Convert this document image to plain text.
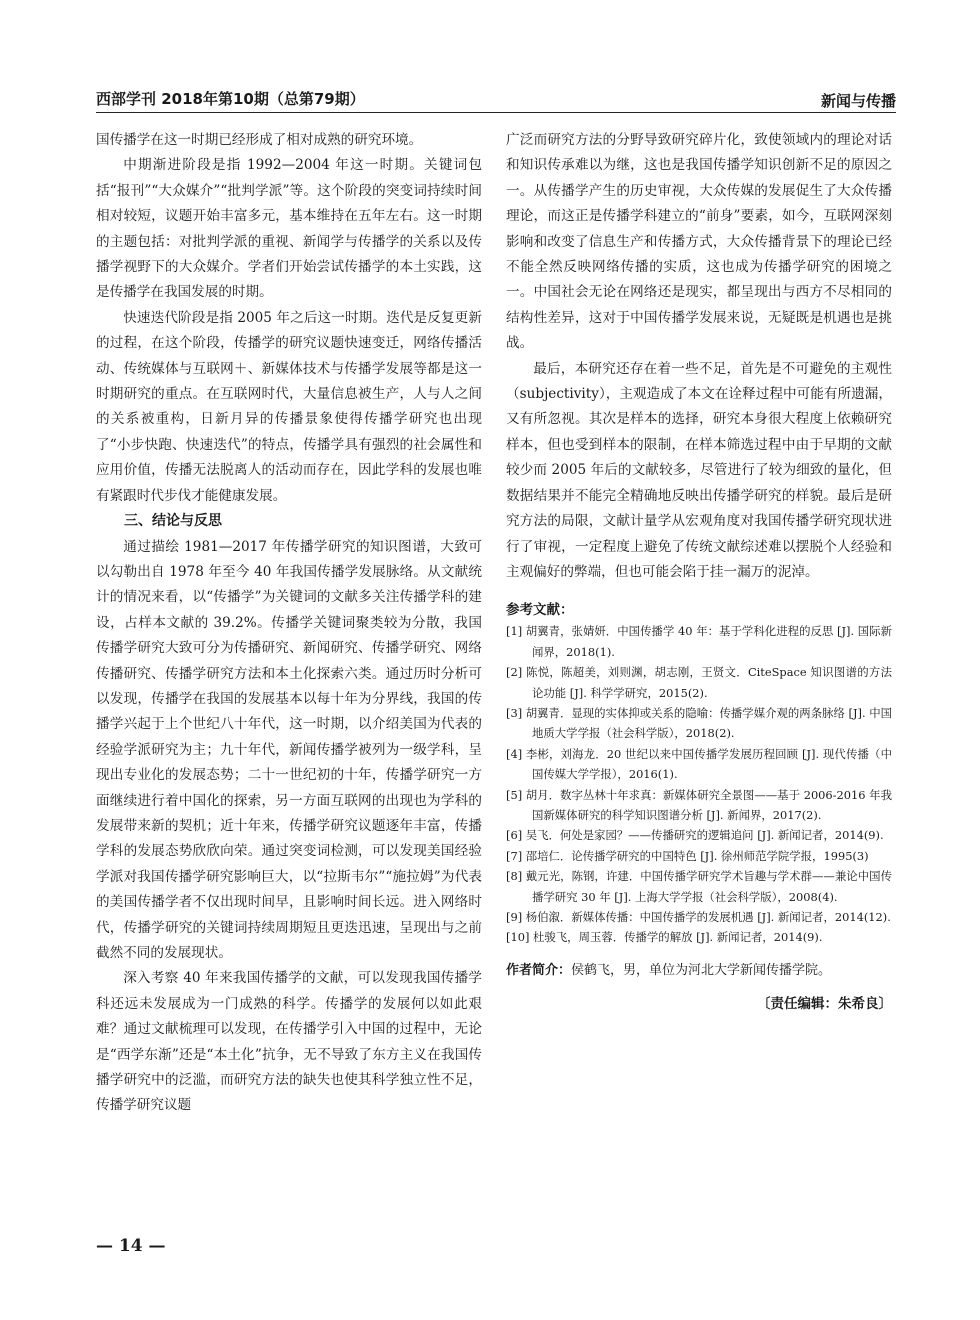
西部学刊 2018年第10期（总第79期）	新闻与传播

国传播学在这一时期已经形成了相对成熟的研究环境。

中期渐进阶段是指 1992—2004 年这一时期。关键词包括“报刊”“大众媒介”“批判学派”等。这个阶段的突变词持续时间相对较短，议题开始丰富多元，基本维持在五年左右。这一时期的主题包括：对批判学派的重视、新闻学与传播学的关系以及传播学视野下的大众媒介。学者们开始尝试传播学的本土实践，这是传播学在我国发展的时期。

快速迭代阶段是指 2005 年之后这一时期。迭代是反复更新的过程，在这个阶段，传播学的研究议题快速变迁，网络传播活动、传统媒体与互联网＋、新媒体技术与传播学发展等都是这一时期研究的重点。在互联网时代，大量信息被生产，人与人之间的关系被重构，日新月异的传播景象使得传播学研究也出现了“小步快跑、快速迭代”的特点，传播学具有强烈的社会属性和应用价值，传播无法脱离人的活动而存在，因此学科的发展也唯有紧跟时代步伐才能健康发展。

三、结论与反思

通过描绘 1981—2017 年传播学研究的知识图谱，大致可以勾勒出自 1978 年至今 40 年我国传播学发展脉络。从文献统计的情况来看，以“传播学”为关键词的文献多关注传播学科的建设，占样本文献的 39.2%。传播学关键词聚类较为分散，我国传播学研究大致可分为传播研究、新闻研究、传播学研究、网络传播研究、传播学研究方法和本土化探索六类。通过历时分析可以发现，传播学在我国的发展基本以每十年为分界线，我国的传播学兴起于上个世纪八十年代，这一时期，以介绍美国为代表的经验学派研究为主；九十年代，新闻传播学被列为一级学科，呈现出专业化的发展态势；二十一世纪初的十年，传播学研究一方面继续进行着中国化的探索，另一方面互联网的出现也为学科的发展带来新的契机；近十年来，传播学研究议题逐年丰富，传播学科的发展态势欣欣向荣。通过突变词检测，可以发现美国经验学派对我国传播学研究影响巨大，以“拉斯韦尔”“施拉姆”为代表的美国传播学者不仅出现时间早，且影响时间长远。进入网络时代，传播学研究的关键词持续周期短且更迭迅速，呈现出与之前截然不同的发展现状。

深入考察 40 年来我国传播学的文献，可以发现我国传播学科还远未发展成为一门成熟的科学。传播学的发展何以如此艰难？通过文献梳理可以发现，在传播学引入中国的过程中，无论是“西学东渐”还是“本土化”抗争，无不导致了东方主义在我国传播学研究中的泛滥，而研究方法的缺失也使其科学独立性不足，传播学研究议题

广泛而研究方法的分野导致研究碎片化，致使领域内的理论对话和知识传承难以为继，这也是我国传播学知识创新不足的原因之一。从传播学产生的历史审视，大众传媒的发展促生了大众传播理论，而这正是传播学科建立的“前身”要素，如今，互联网深刻影响和改变了信息生产和传播方式，大众传播背景下的理论已经不能全然反映网络传播的实质，这也成为传播学研究的困境之一。中国社会无论在网络还是现实，都呈现出与西方不尽相同的结构性差异，这对于中国传播学发展来说，无疑既是机遇也是挑战。

最后，本研究还存在着一些不足，首先是不可避免的主观性（subjectivity），主观造成了本文在诠释过程中可能有所遗漏，又有所忽视。其次是样本的选择，研究本身很大程度上依赖研究样本，但也受到样本的限制，在样本筛选过程中由于早期的文献较少而 2005 年后的文献较多，尽管进行了较为细致的量化，但数据结果并不能完全精确地反映出传播学研究的样貌。最后是研究方法的局限，文献计量学从宏观角度对我国传播学研究现状进行了审视，一定程度上避免了传统文献综述难以摆脱个人经验和主观偏好的弊端，但也可能会陷于挂一漏万的泥淖。

参考文献：
[1] 胡翼青，张婧妍．中国传播学 40 年：基于学科化进程的反思 [J]. 国际新闻界，2018(1).
[2] 陈悦，陈超美，刘则渊，胡志刚，王贤文．CiteSpace 知识图谱的方法论功能 [J]. 科学学研究，2015(2).
[3] 胡翼青．显现的实体抑或关系的隐喻：传播学媒介观的两条脉络 [J]. 中国地质大学学报（社会科学版），2018(2).
[4] 李彬，刘海龙．20 世纪以来中国传播学发展历程回顾 [J]. 现代传播（中国传媒大学学报），2016(1).
[5] 胡月．数字丛林十年求真：新媒体研究全景图——基于 2006-2016 年我国新媒体研究的科学知识图谱分析 [J]. 新闻界，2017(2).
[6] 吴飞．何处是家园？——传播研究的逻辑追问 [J]. 新闻记者，2014(9).
[7] 邵培仁．论传播学研究的中国特色 [J]. 徐州师范学院学报，1995(3)
[8] 戴元光，陈钢，许建．中国传播学研究学术旨趣与学术群——兼论中国传播学研究 30 年 [J]. 上海大学学报（社会科学版），2008(4).
[9] 杨伯溆．新媒体传播：中国传播学的发展机遇 [J]. 新闻记者，2014(12).
[10] 杜骏飞，周玉蓉．传播学的解放 [J]. 新闻记者，2014(9).
作者简介：侯鹤飞，男，单位为河北大学新闻传播学院。
〔责任编辑：朱希良〕
— 14 —
